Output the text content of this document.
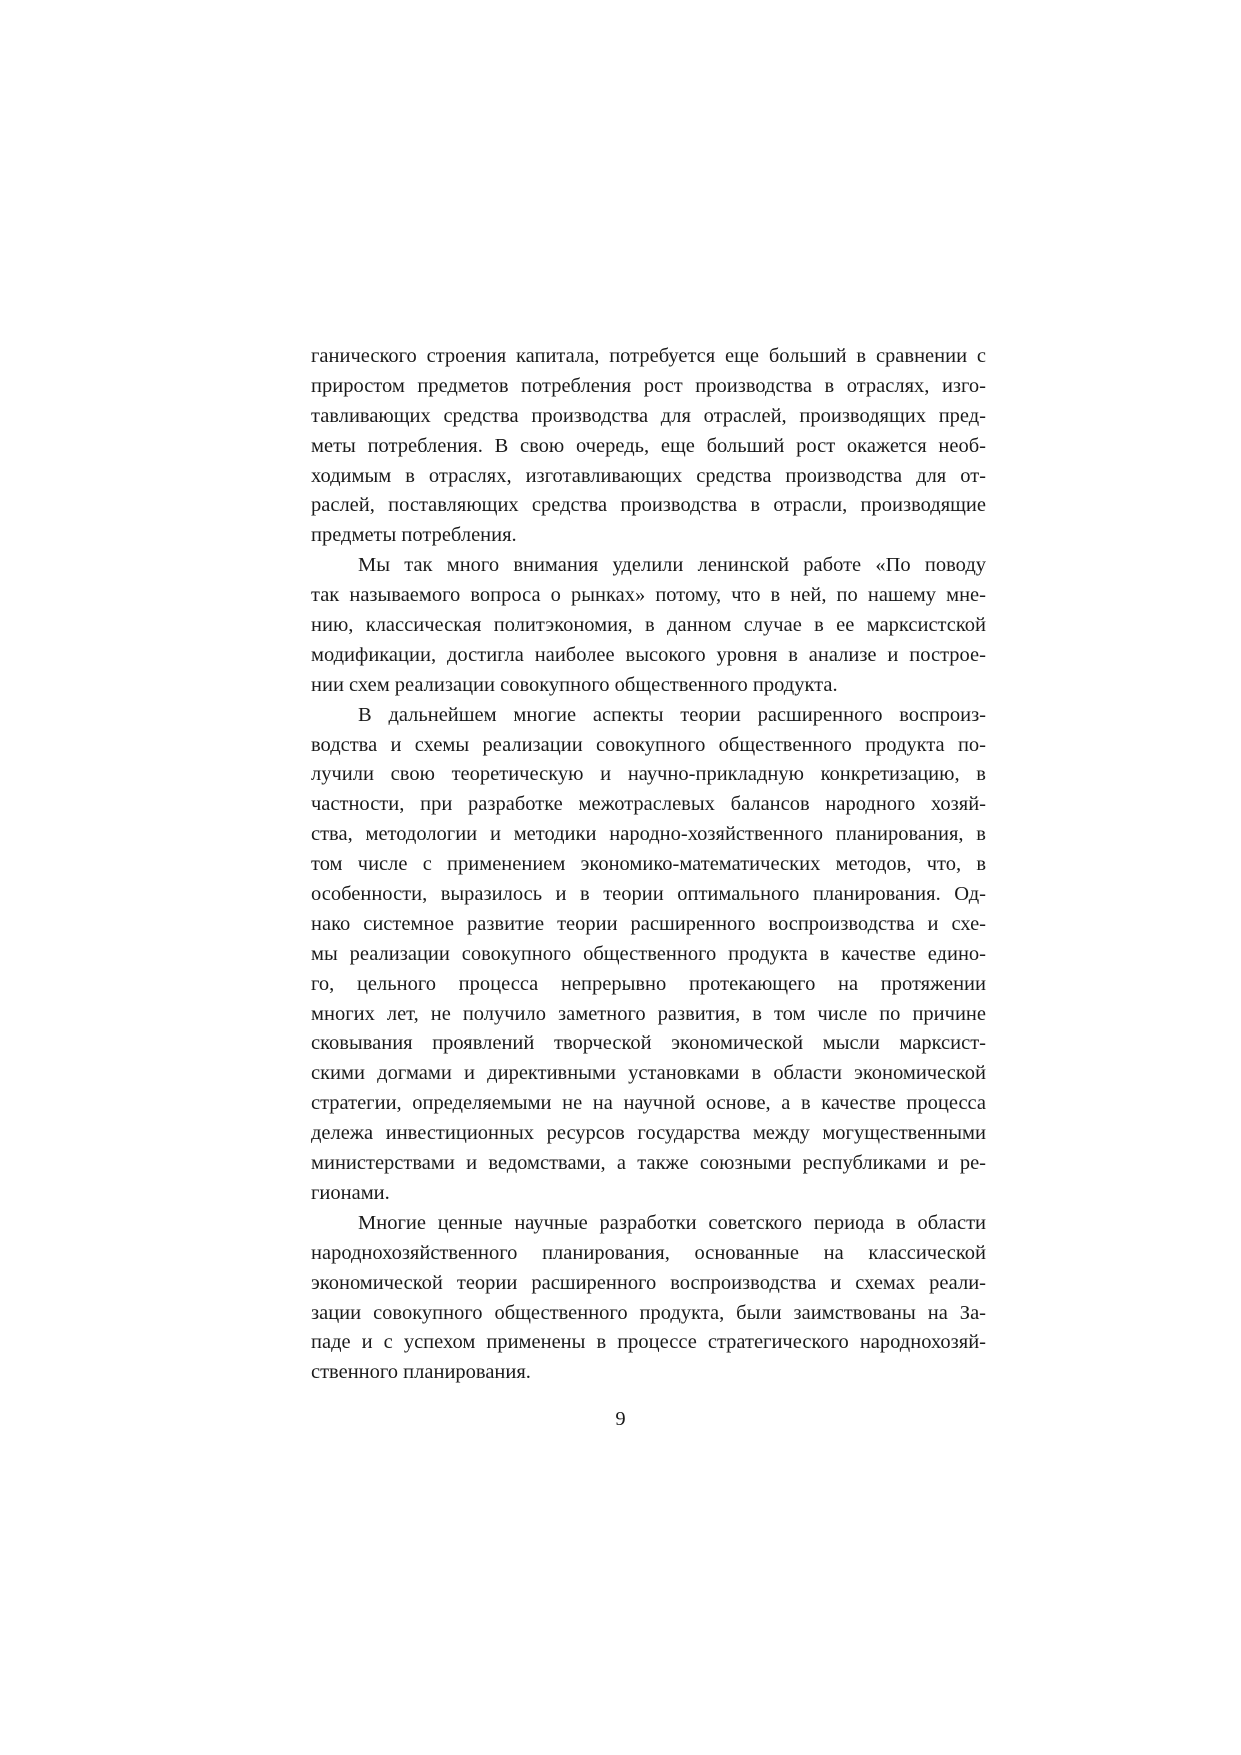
ганического строения капитала, потребуется еще больший в сравнении с
приростом предметов потребления рост производства в отраслях, изго-
тавливающих средства производства для отраслей, производящих пред-
меты потребления. В свою очередь, еще больший рост окажется необ-
ходимым в отраслях, изготавливающих средства производства для от-
раслей, поставляющих средства производства в отрасли, производящие
предметы потребления.
Мы так много внимания уделили ленинской работе «По поводу
так называемого вопроса о рынках» потому, что в ней, по нашему мне-
нию, классическая политэкономия, в данном случае в ее марксистской
модификации, достигла наиболее высокого уровня в анализе и построе-
нии схем реализации совокупного общественного продукта.
В дальнейшем многие аспекты теории расширенного воспроиз-
водства и схемы реализации совокупного общественного продукта по-
лучили свою теоретическую и научно-прикладную конкретизацию, в
частности, при разработке межотраслевых балансов народного хозяй-
ства, методологии и методики народно-хозяйственного планирования, в
том числе с применением экономико-математических методов, что, в
особенности, выразилось и в теории оптимального планирования. Од-
нако системное развитие теории расширенного воспроизводства и схе-
мы реализации совокупного общественного продукта в качестве едино-
го, цельного процесса непрерывно протекающего на протяжении
многих лет, не получило заметного развития, в том числе по причине
сковывания проявлений творческой экономической мысли марксист-
скими догмами и директивными установками в области экономической
стратегии, определяемыми не на научной основе, а в качестве процесса
дележа инвестиционных ресурсов государства между могущественными
министерствами и ведомствами, а также союзными республиками и ре-
гионами.
Многие ценные научные разработки советского периода в области
народнохозяйственного планирования, основанные на классической
экономической теории расширенного воспроизводства и схемах реали-
зации совокупного общественного продукта, были заимствованы на За-
паде и с успехом применены в процессе стратегического народнохозяй-
ственного планирования.
9
